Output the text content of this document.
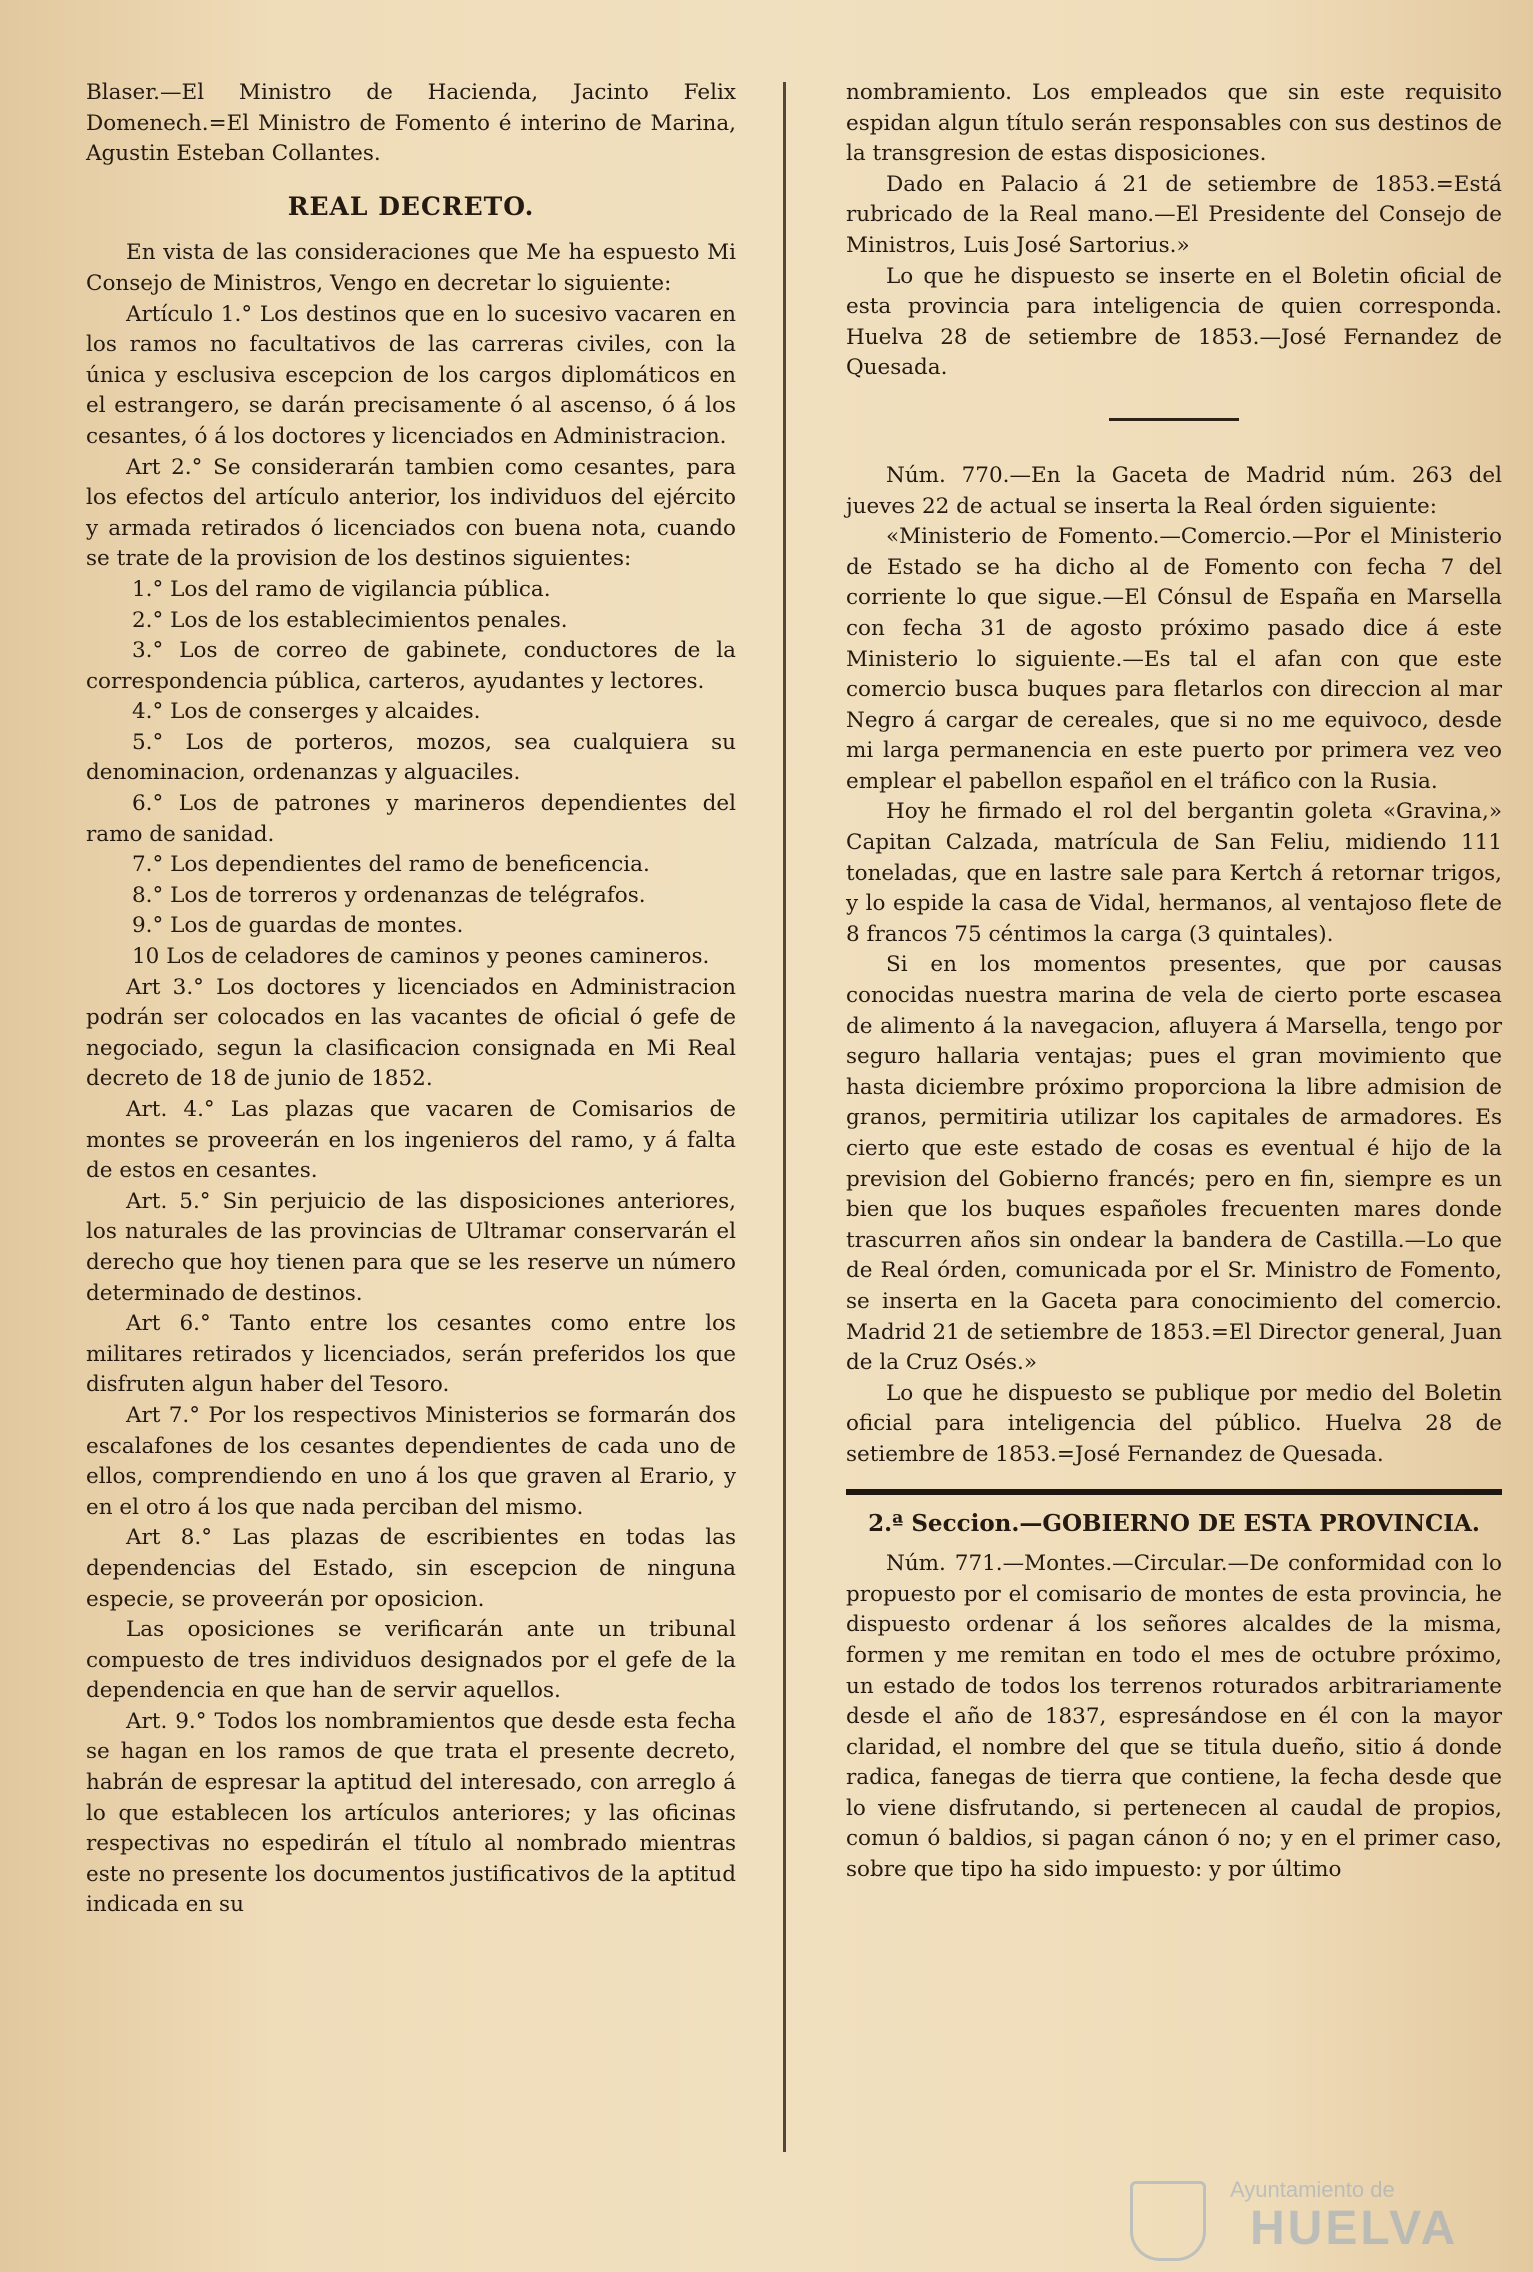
Blaser.—El Ministro de Hacienda, Jacinto Felix Domenech.=El Ministro de Fomento é interino de Marina, Agustin Esteban Collantes.

REAL DECRETO.

En vista de las consideraciones que Me ha espuesto Mi Consejo de Ministros, Vengo en decretar lo siguiente:

Artículo 1.° Los destinos que en lo sucesivo vacaren en los ramos no facultativos de las carreras civiles, con la única y esclusiva escepcion de los cargos diplomáticos en el estrangero, se darán precisamente ó al ascenso, ó á los cesantes, ó á los doctores y licenciados en Administracion.

Art 2.° Se considerarán tambien como cesantes, para los efectos del artículo anterior, los individuos del ejército y armada retirados ó licenciados con buena nota, cuando se trate de la provision de los destinos siguientes:

1.° Los del ramo de vigilancia pública.

2.° Los de los establecimientos penales.

3.° Los de correo de gabinete, conductores de la correspondencia pública, carteros, ayudantes y lectores.

4.° Los de conserges y alcaides.

5.° Los de porteros, mozos, sea cualquiera su denominacion, ordenanzas y alguaciles.

6.° Los de patrones y marineros dependientes del ramo de sanidad.

7.° Los dependientes del ramo de beneficencia.

8.° Los de torreros y ordenanzas de telégrafos.

9.° Los de guardas de montes.

10 Los de celadores de caminos y peones camineros.

Art 3.° Los doctores y licenciados en Administracion podrán ser colocados en las vacantes de oficial ó gefe de negociado, segun la clasificacion consignada en Mi Real decreto de 18 de junio de 1852.

Art. 4.° Las plazas que vacaren de Comisarios de montes se proveerán en los ingenieros del ramo, y á falta de estos en cesantes.

Art. 5.° Sin perjuicio de las disposiciones anteriores, los naturales de las provincias de Ultramar conservarán el derecho que hoy tienen para que se les reserve un número determinado de destinos.

Art 6.° Tanto entre los cesantes como entre los militares retirados y licenciados, serán preferidos los que disfruten algun haber del Tesoro.

Art 7.° Por los respectivos Ministerios se formarán dos escalafones de los cesantes dependientes de cada uno de ellos, comprendiendo en uno á los que graven al Erario, y en el otro á los que nada perciban del mismo.

Art 8.° Las plazas de escribientes en todas las dependencias del Estado, sin escepcion de ninguna especie, se proveerán por oposicion.

Las oposiciones se verificarán ante un tribunal compuesto de tres individuos designados por el gefe de la dependencia en que han de servir aquellos.

Art. 9.° Todos los nombramientos que desde esta fecha se hagan en los ramos de que trata el presente decreto, habrán de espresar la aptitud del interesado, con arreglo á lo que establecen los artículos anteriores; y las oficinas respectivas no espedirán el título al nombrado mientras este no presente los documentos justificativos de la aptitud indicada en su

nombramiento. Los empleados que sin este requisito espidan algun título serán responsables con sus destinos de la transgresion de estas disposiciones.

Dado en Palacio á 21 de setiembre de 1853.=Está rubricado de la Real mano.—El Presidente del Consejo de Ministros, Luis José Sartorius.»

Lo que he dispuesto se inserte en el Boletin oficial de esta provincia para inteligencia de quien corresponda. Huelva 28 de setiembre de 1853.—José Fernandez de Quesada.

Núm. 770.—En la Gaceta de Madrid núm. 263 del jueves 22 de actual se inserta la Real órden siguiente:

«Ministerio de Fomento.—Comercio.—Por el Ministerio de Estado se ha dicho al de Fomento con fecha 7 del corriente lo que sigue.—El Cónsul de España en Marsella con fecha 31 de agosto próximo pasado dice á este Ministerio lo siguiente.—Es tal el afan con que este comercio busca buques para fletarlos con direccion al mar Negro á cargar de cereales, que si no me equivoco, desde mi larga permanencia en este puerto por primera vez veo emplear el pabellon español en el tráfico con la Rusia.

Hoy he firmado el rol del bergantin goleta «Gravina,» Capitan Calzada, matrícula de San Feliu, midiendo 111 toneladas, que en lastre sale para Kertch á retornar trigos, y lo espide la casa de Vidal, hermanos, al ventajoso flete de 8 francos 75 céntimos la carga (3 quintales).

Si en los momentos presentes, que por causas conocidas nuestra marina de vela de cierto porte escasea de alimento á la navegacion, afluyera á Marsella, tengo por seguro hallaria ventajas; pues el gran movimiento que hasta diciembre próximo proporciona la libre admision de granos, permitiria utilizar los capitales de armadores. Es cierto que este estado de cosas es eventual é hijo de la prevision del Gobierno francés; pero en fin, siempre es un bien que los buques españoles frecuenten mares donde trascurren años sin ondear la bandera de Castilla.—Lo que de Real órden, comunicada por el Sr. Ministro de Fomento, se inserta en la Gaceta para conocimiento del comercio. Madrid 21 de setiembre de 1853.=El Director general, Juan de la Cruz Osés.»

Lo que he dispuesto se publique por medio del Boletin oficial para inteligencia del público. Huelva 28 de setiembre de 1853.=José Fernandez de Quesada.

2.ª Seccion.—GOBIERNO DE ESTA PROVINCIA.

Núm. 771.—Montes.—Circular.—De conformidad con lo propuesto por el comisario de montes de esta provincia, he dispuesto ordenar á los señores alcaldes de la misma, formen y me remitan en todo el mes de octubre próximo, un estado de todos los terrenos roturados arbitrariamente desde el año de 1837, espresándose en él con la mayor claridad, el nombre del que se titula dueño, sitio á donde radica, fanegas de tierra que contiene, la fecha desde que lo viene disfrutando, si pertenecen al caudal de propios, comun ó baldios, si pagan cánon ó no; y en el primer caso, sobre que tipo ha sido impuesto: y por último

Ayuntamiento de
HUELVA
